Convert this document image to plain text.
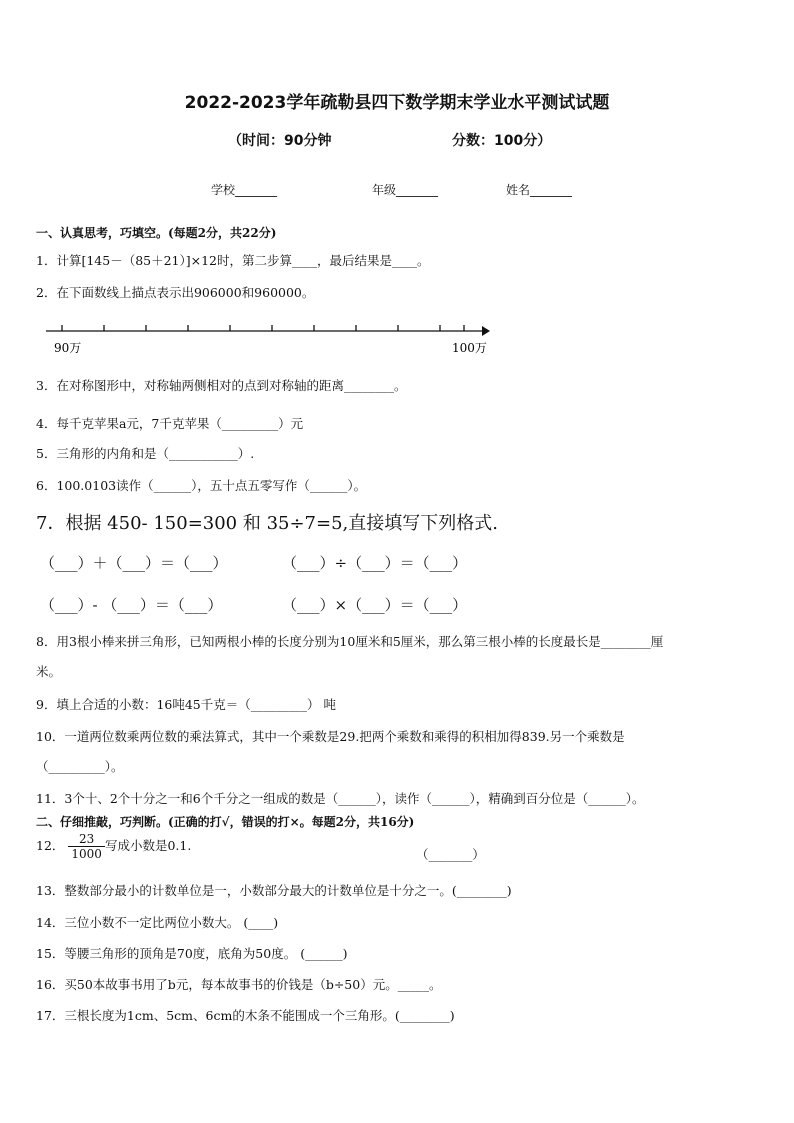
2022-2023学年疏勒县四下数学期末学业水平测试试题
（时间：90分钟	分数：100分）
学校_______	年级_______	姓名_______
一、认真思考，巧填空。(每题2分，共22分)
1．计算[145－（85＋21）]×12时，第二步算____，最后结果是____。
2．在下面数线上描点表示出906000和960000。
90万	100万
3．在对称图形中，对称轴两侧相对的点到对称轴的距离________。
4．每千克苹果a元，7千克苹果（_________）元
5．三角形的内角和是（___________）.
6．100.0103读作（______），五十点五零写作（______）。
7．根据 450- 150=300 和 35÷7=5,直接填写下列格式.
（___）＋（___）＝（___）	（___）÷（___）＝（___）
（___）- （___）＝（___）	（___）×（___）＝（___）
8．用3根小棒来拼三角形，已知两根小棒的长度分别为10厘米和5厘米，那么第三根小棒的长度最长是________厘
米。
9．填上合适的小数：16吨45千克＝（_________） 吨
10．一道两位数乘两位数的乘法算式，其中一个乘数是29.把两个乘数和乘得的积相加得839.另一个乘数是
（_________）。
11．3个十、2个十分之一和6个千分之一组成的数是（______），读作（______），精确到百分位是（______）。
二、仔细推敲，巧判断。(正确的打√，错误的打×。每题2分，共16分)
12． $\frac{23}{1000}$ 写成小数是0.1.
（_______）
13．整数部分最小的计数单位是一，小数部分最大的计数单位是十分之一。(________)
14．三位小数不一定比两位小数大。 (____)
15．等腰三角形的顶角是70度，底角为50度。 (______)
16．买50本故事书用了b元，每本故事书的价钱是（b÷50）元。_____。
17．三根长度为1cm、5cm、6cm的木条不能围成一个三角形。(________)
